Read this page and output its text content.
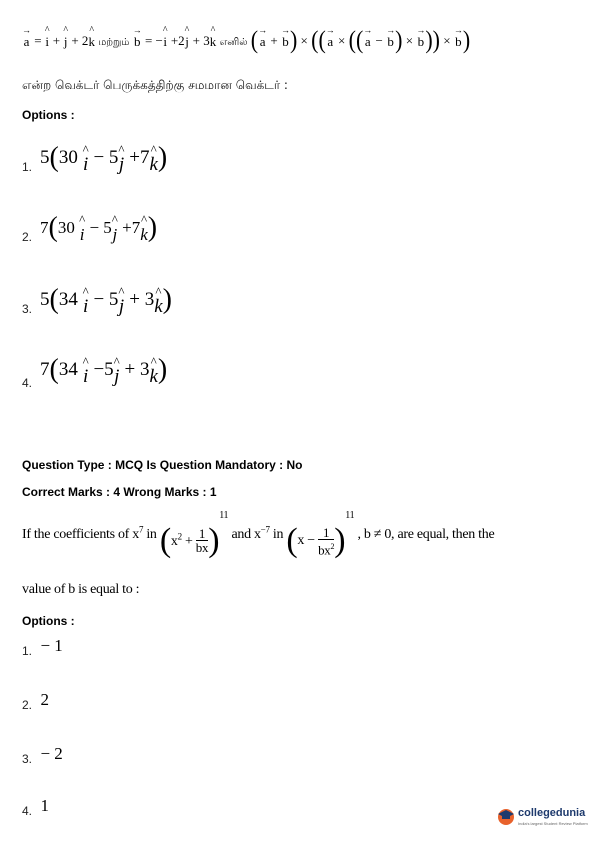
→
a =
^
i +
^
j + 2
^
k மற்றும்
→
b = −
^
i +2
^
j + 3
^
k எனில் ( →
a +
→
b ) × (( →
a × (( →
a −
→
b ) ×
→
b )) ×
→
b )
என்ற வெக்டர் பெருக்கத்திற்கு சமமான வெக்டர் :
Options :
1. 5(30 ^
i − 5 ^
j +7 ^
k )
2. 7(30 ^
i − 5 ^
j +7 ^
k )
3. 5(34 ^
i − 5 ^
j + 3 ^
k )
4.
7(34 ^
i −5 ^
j + 3 ^
k )
Question Type : MCQ Is Question Mandatory : No
Correct Marks : 4 Wrong Marks : 1
If the coefficients of $x^7$ in $(x^2 + \frac{1}{bx} )^{11}$ and $x^{-7}$ in $(x - \frac{1}{bx^2} )^{11}$ , b ≠ 0, are equal, then the
value of b is equal to :
Options :
$_{1.}$ − 1
$_{2.}$ 2
$_{3.}$ − 2
$_{4.}$ 1	collegedunia
India's largest Student Review Platform
